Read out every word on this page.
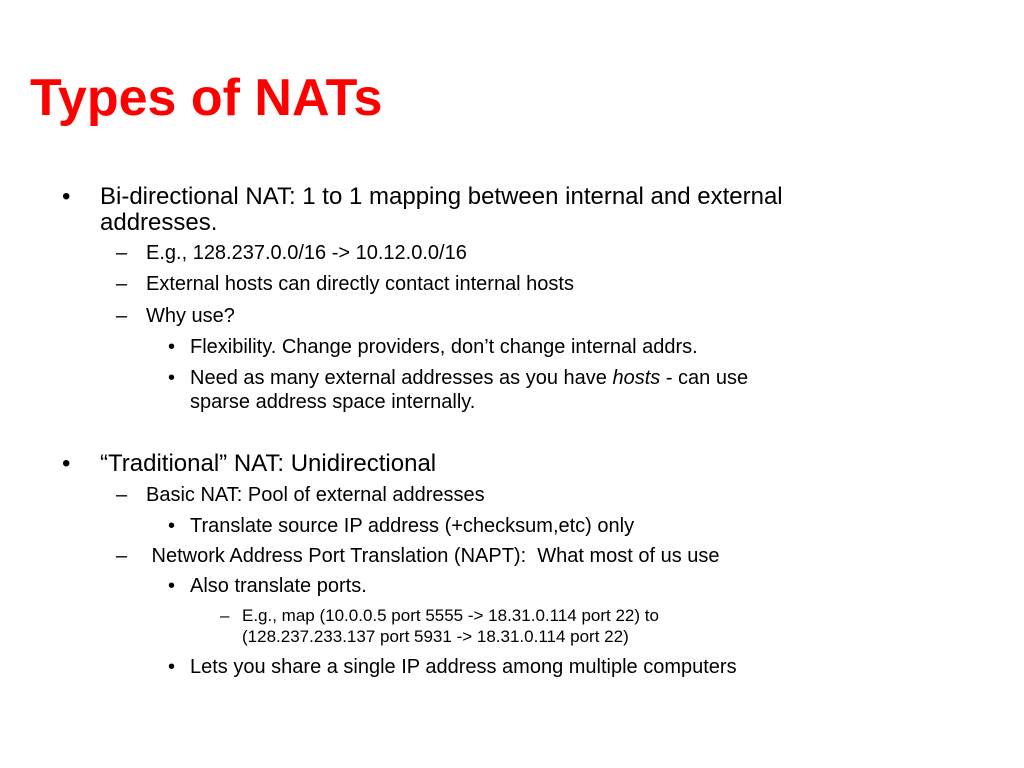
Types of NATs
• Bi-directional NAT: 1 to 1 mapping between internal and external
addresses.
– E.g., 128.237.0.0/16 -> 10.12.0.0/16
– External hosts can directly contact internal hosts
– Why use?
• Flexibility. Change providers, don’t change internal addrs.
• Need as many external addresses as you have hosts - can use
sparse address space internally.
• “Traditional” NAT: Unidirectional
– Basic NAT: Pool of external addresses
• Translate source IP address (+checksum,etc) only
– Network Address Port Translation (NAPT):  What most of us use
• Also translate ports.
– E.g., map (10.0.0.5 port 5555 -> 18.31.0.114 port 22) to
(128.237.233.137 port 5931 -> 18.31.0.114 port 22)
• Lets you share a single IP address among multiple computers
